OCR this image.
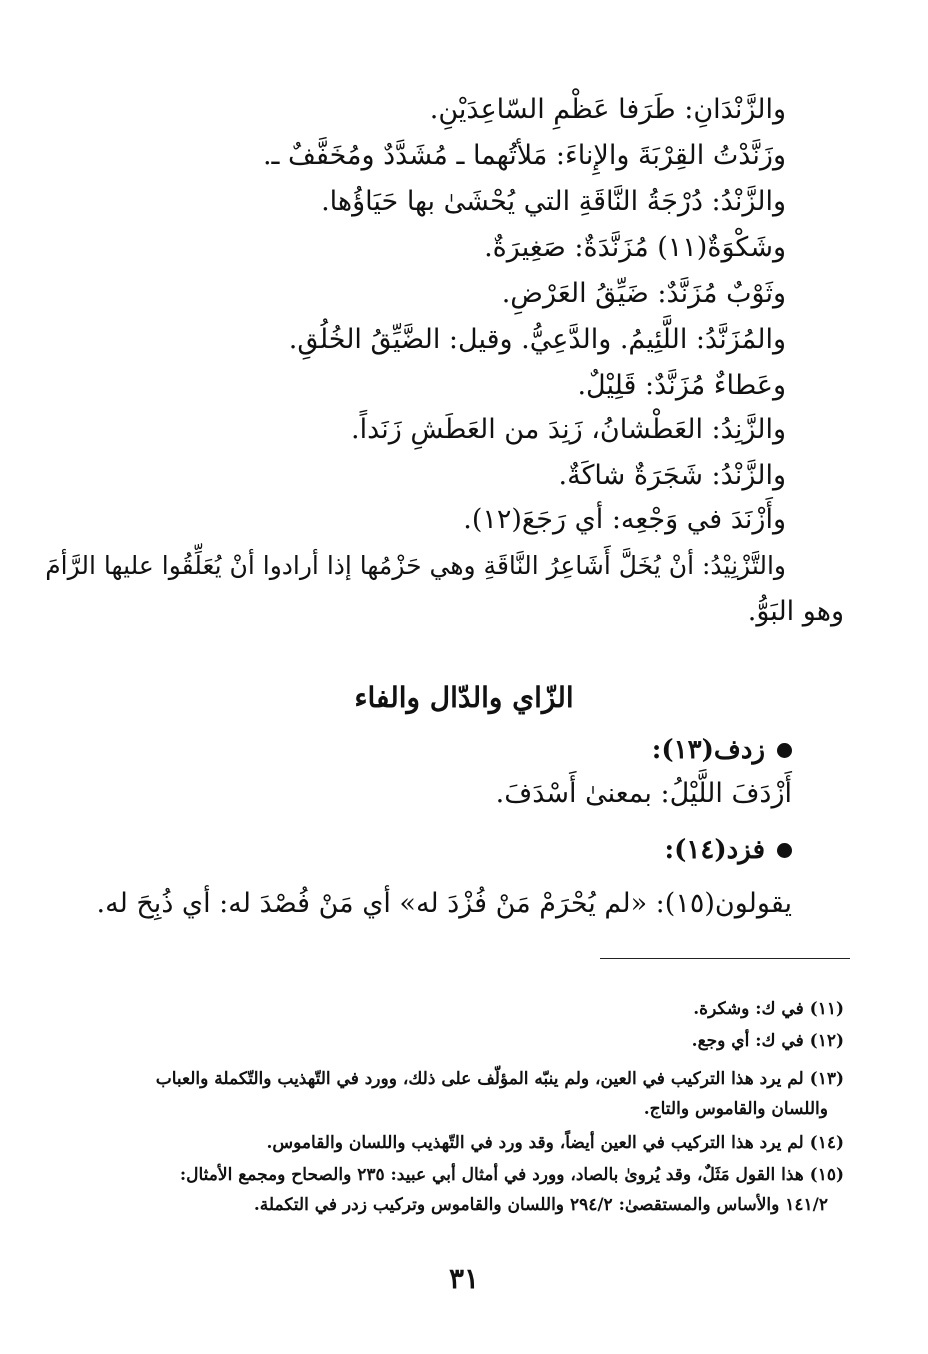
والزَّنْدَانِ: طَرَفا عَظْمِ السّاعِدَيْنِ.
وزَنَّدْتُ القِرْبَةَ والإِناءَ: مَلأتُهما ـ مُشَدَّدٌ ومُخَفَّفٌ ـ.
والزَّنْدُ: دُرْجَةُ النَّاقَةِ التي يُحْشَىٰ بها حَيَاؤُها.
وشَكْوَةٌ(١١) مُزَنَّدَةٌ: صَغِيرَةٌ.
وثَوْبٌ مُزَنَّدٌ: ضَيِّقُ العَرْضِ.
والمُزَنَّدُ: اللَّئِيمُ. والدَّعِيُّ. وقيل: الضَّيِّقُ الخُلُقِ.
وعَطاءٌ مُزَنَّدٌ: قَلِيْلٌ.
والزَّنِدُ: العَطْشانُ، زَنِدَ من العَطَشِ زَنَداً.
والزَّنْدُ: شَجَرَةٌ شاكَةٌ.
وأَزْنَدَ في وَجْعِه: أي رَجَعَ(١٢).
والتَّزْنِيْدُ: أنْ يُخَلَّ أَشَاعِرُ النَّاقَةِ وهي حَزْمُها إذا أرادوا أنْ يُعَلِّقُوا عليها الرَّأمَ
وهو البَوُّ.
الزّاي والدّال والفاء
زدف(١٣):
أَزْدَفَ اللَّيْلُ: بمعنىٰ أَسْدَفَ.
فزد(١٤):
يقولون(١٥): «لم يُحْرَمْ مَنْ فُزْدَ له» أي مَنْ فُصْدَ له: أي ذُبِحَ له.
(١١) في ك: وشكرة.
(١٢) في ك: أي وجع.
(١٣) لم يرد هذا التركيب في العين، ولم ينبّه المؤلّف على ذلك، وورد في التّهذيب والتّكملة والعباب
واللسان والقاموس والتاج.
(١٤) لم يرد هذا التركيب في العين أيضاً، وقد ورد في التّهذيب واللسان والقاموس.
(١٥) هذا القول مَثَلٌ، وقد يُروىٰ بالصاد، وورد في أمثال أبي عبيد: ٢٣٥ والصحاح ومجمع الأمثال:
١٤١/٢ والأساس والمستقصىٰ: ٢٩٤/٢ واللسان والقاموس وتركيب زدر في التكملة.
٣١
